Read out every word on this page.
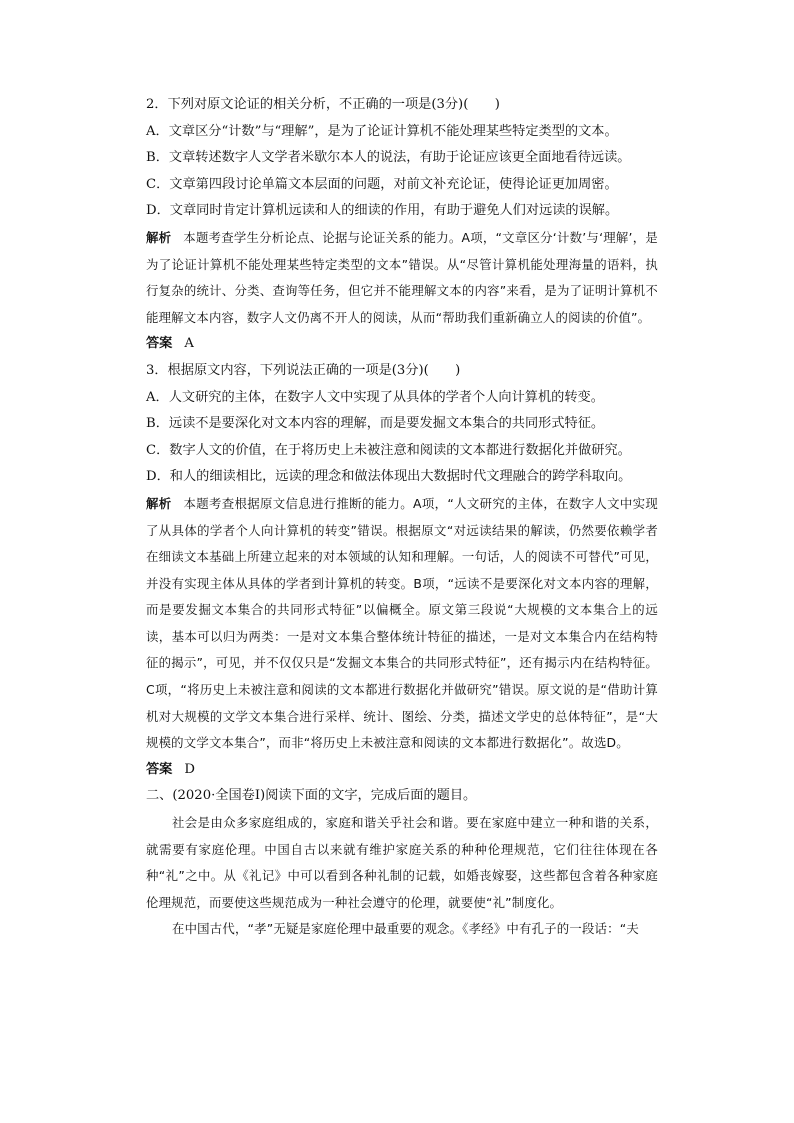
2．下列对原文论证的相关分析，不正确的一项是(3分)(　　)

A．文章区分“计数”与“理解”，是为了论证计算机不能处理某些特定类型的文本。

B．文章转述数字人文学者米歇尔本人的说法，有助于论证应该更全面地看待远读。

C．文章第四段讨论单篇文本层面的问题，对前文补充论证，使得论证更加周密。

D．文章同时肯定计算机远读和人的细读的作用，有助于避免人们对远读的误解。

解析 本题考查学生分析论点、论据与论证关系的能力。A项，“文章区分‘计数’与‘理解’，是为了论证计算机不能处理某些特定类型的文本”错误。从“尽管计算机能处理海量的语料，执行复杂的统计、分类、查询等任务，但它并不能理解文本的内容”来看，是为了证明计算机不能理解文本内容，数字人文仍离不开人的阅读，从而“帮助我们重新确立人的阅读的价值”。

答案 A

3．根据原文内容，下列说法正确的一项是(3分)(　　)

A．人文研究的主体，在数字人文中实现了从具体的学者个人向计算机的转变。

B．远读不是要深化对文本内容的理解，而是要发掘文本集合的共同形式特征。

C．数字人文的价值，在于将历史上未被注意和阅读的文本都进行数据化并做研究。

D．和人的细读相比，远读的理念和做法体现出大数据时代文理融合的跨学科取向。

解析 本题考查根据原文信息进行推断的能力。A项，“人文研究的主体，在数字人文中实现了从具体的学者个人向计算机的转变”错误。根据原文“对远读结果的解读，仍然要依赖学者在细读文本基础上所建立起来的对本领域的认知和理解。一句话，人的阅读不可替代”可见，并没有实现主体从具体的学者到计算机的转变。B项，“远读不是要深化对文本内容的理解，而是要发掘文本集合的共同形式特征”以偏概全。原文第三段说“大规模的文本集合上的远读，基本可以归为两类：一是对文本集合整体统计特征的描述，一是对文本集合内在结构特征的揭示”，可见，并不仅仅只是“发掘文本集合的共同形式特征”，还有揭示内在结构特征。C项，“将历史上未被注意和阅读的文本都进行数据化并做研究”错误。原文说的是“借助计算机对大规模的文学文本集合进行采样、统计、图绘、分类，描述文学史的总体特征”，是“大规模的文学文本集合”，而非“将历史上未被注意和阅读的文本都进行数据化”。故选D。

答案 D

二、(2020·全国卷Ⅰ)阅读下面的文字，完成后面的题目。

社会是由众多家庭组成的，家庭和谐关乎社会和谐。要在家庭中建立一种和谐的关系，就需要有家庭伦理。中国自古以来就有维护家庭关系的种种伦理规范，它们往往体现在各种“礼”之中。从《礼记》中可以看到各种礼制的记载，如婚丧嫁娶，这些都包含着各种家庭伦理规范，而要使这些规范成为一种社会遵守的伦理，就要使“礼”制度化。

在中国古代，“孝”无疑是家庭伦理中最重要的观念。《孝经》中有孔子的一段话：“夫
